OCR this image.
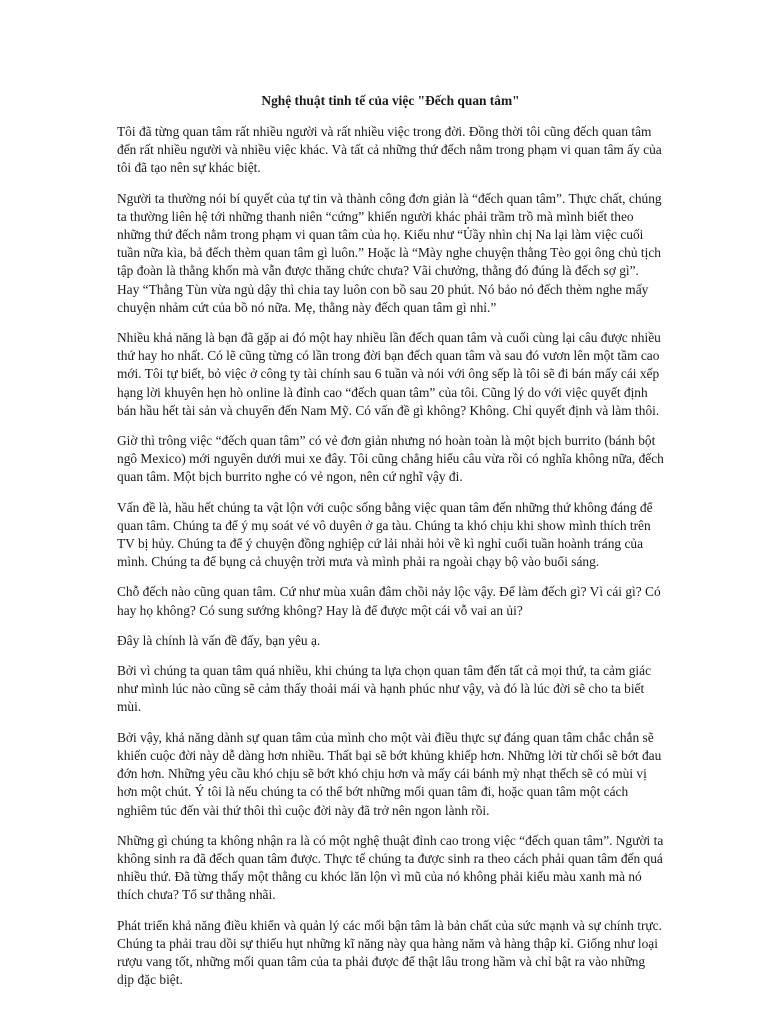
Nghệ thuật tinh tế của việc "Đếch quan tâm"

Tôi đã từng quan tâm rất nhiều người và rất nhiều việc trong đời. Đồng thời tôi cũng đếch quan tâm đến rất nhiều người và nhiều việc khác. Và tất cả những thứ đếch nằm trong phạm vi quan tâm ấy của tôi đã tạo nên sự khác biệt.

Người ta thường nói bí quyết của tự tin và thành công đơn giản là “đếch quan tâm”. Thực chất, chúng ta thường liên hệ tới những thanh niên “cứng” khiến người khác phải trầm trồ mà mình biết theo những thứ đếch nằm trong phạm vi quan tâm của họ. Kiểu như “Ủầy nhìn chị Na lại làm việc cuối tuần nữa kìa, bả đếch thèm quan tâm gì luôn.” Hoặc là “Mày nghe chuyện thằng Tèo gọi ông chủ tịch tập đoàn là thằng khốn mà vẫn được thăng chức chưa? Vãi chưởng, thằng đó đúng là đếch sợ gì”. Hay “Thằng Tùn vừa ngủ dậy thì chia tay luôn con bồ sau 20 phút. Nó bảo nó đếch thèm nghe mấy chuyện nhảm cứt của bồ nó nữa. Mẹ, thằng này đếch quan tâm gì nhỉ.”

Nhiều khả năng là bạn đã gặp ai đó một hay nhiều lần đếch quan tâm và cuối cùng lại câu được nhiều thứ hay ho nhất. Có lẽ cũng từng có lần trong đời bạn đếch quan tâm và sau đó vươn lên một tầm cao mới. Tôi tự biết, bỏ việc ở công ty tài chính sau 6 tuần và nói với ông sếp là tôi sẽ đi bán mấy cái xếp hạng lời khuyên hẹn hò online là đỉnh cao “đếch quan tâm” của tôi. Cũng lý do với việc quyết định bán hầu hết tài sản và chuyển đến Nam Mỹ. Có vấn đề gì không? Không. Chỉ quyết định và làm thôi.

Giờ thì trông việc “đếch quan tâm” có vẻ đơn giản nhưng nó hoàn toàn là một bịch burrito (bánh bột ngô Mexico) mới nguyên dưới mui xe đây. Tôi cũng chẳng hiểu câu vừa rồi có nghĩa không nữa, đếch quan tâm. Một bịch burrito nghe có vẻ ngon, nên cứ nghĩ vậy đi.

Vấn đề là, hầu hết chúng ta vật lộn với cuộc sống bằng việc quan tâm đến những thứ không đáng để quan tâm. Chúng ta để ý mụ soát vé vô duyên ở ga tàu. Chúng ta khó chịu khi show mình thích trên TV bị hủy. Chúng ta để ý chuyện đồng nghiệp cứ lải nhải hỏi về kì nghỉ cuối tuần hoành tráng của mình. Chúng ta để bụng cả chuyện trời mưa và mình phải ra ngoài chạy bộ vào buổi sáng.

Chỗ đếch nào cũng quan tâm. Cứ như mùa xuân đâm chồi nảy lộc vậy. Để làm đếch gì? Vì cái gì? Có hay họ không? Có sung sướng không? Hay là để được một cái vỗ vai an ủi?

Đây là chính là vấn đề đấy, bạn yêu ạ.

Bởi vì chúng ta quan tâm quá nhiều, khi chúng ta lựa chọn quan tâm đến tất cả mọi thứ, ta cảm giác như mình lúc nào cũng sẽ cảm thấy thoải mái và hạnh phúc như vậy, và đó là lúc đời sẽ cho ta biết mùi.

Bởi vậy, khả năng dành sự quan tâm của mình cho một vài điều thực sự đáng quan tâm chắc chắn sẽ khiến cuộc đời này dễ dàng hơn nhiều. Thất bại sẽ bớt khủng khiếp hơn. Những lời từ chối sẽ bớt đau đớn hơn. Những yêu cầu khó chịu sẽ bớt khó chịu hơn và mấy cái bánh mỳ nhạt thếch sẽ có mùi vị hơn một chút. Ý tôi là nếu chúng ta có thể bớt những mối quan tâm đi, hoặc quan tâm một cách nghiêm túc đến vài thứ thôi thì cuộc đời này đã trở nên ngon lành rồi.

Những gì chúng ta không nhận ra là có một nghệ thuật đỉnh cao trong việc “đếch quan tâm”. Người ta không sinh ra đã đếch quan tâm được. Thực tế chúng ta được sinh ra theo cách phải quan tâm đến quá nhiều thứ. Đã từng thấy một thằng cu khóc lăn lộn vì mũ của nó không phải kiểu màu xanh mà nó thích chưa? Tổ sư thằng nhãi.

Phát triển khả năng điều khiển và quản lý các mối bận tâm là bản chất của sức mạnh và sự chính trực. Chúng ta phải trau dồi sự thiếu hụt những kĩ năng này qua hàng năm và hàng thập kỉ. Giống như loại rượu vang tốt, những mối quan tâm của ta phải được để thật lâu trong hầm và chỉ bật ra vào những dịp đặc biệt.
